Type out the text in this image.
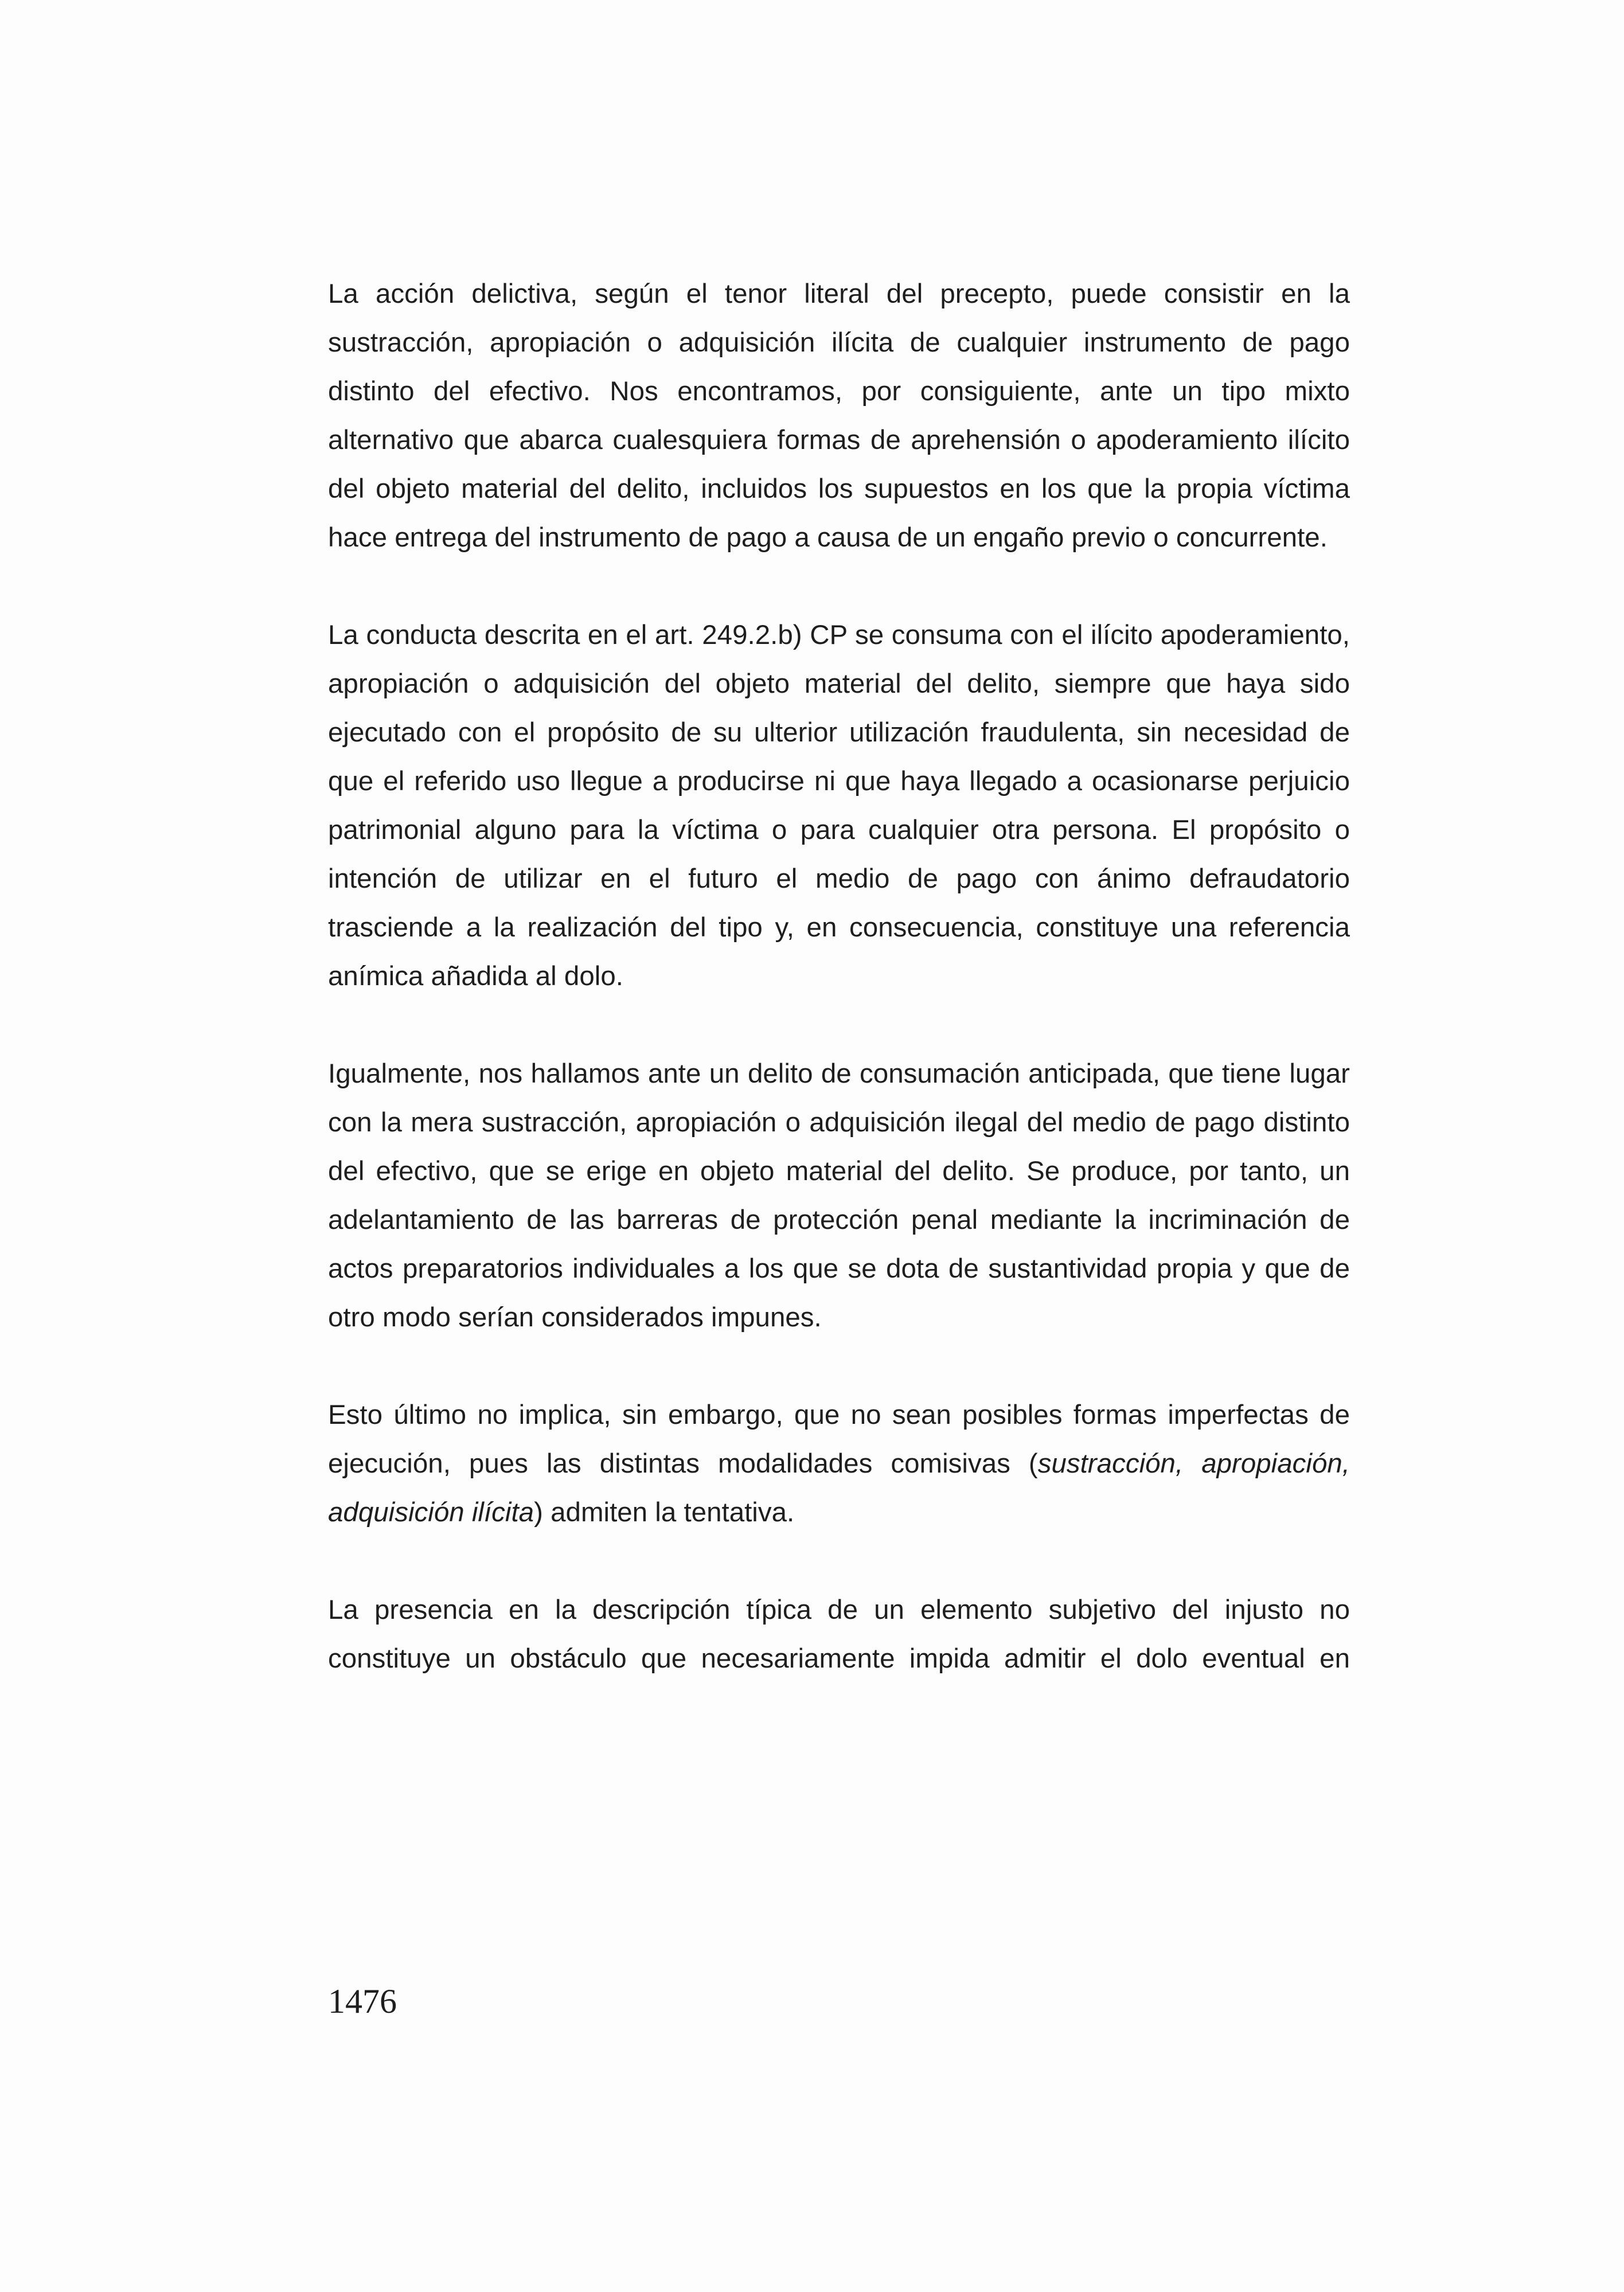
La acción delictiva, según el tenor literal del precepto, puede consistir en la sustracción, apropiación o adquisición ilícita de cualquier instrumento de pago distinto del efectivo. Nos encontramos, por consiguiente, ante un tipo mixto alternativo que abarca cualesquiera formas de aprehensión o apoderamiento ilícito del objeto material del delito, incluidos los supuestos en los que la propia víctima hace entrega del instrumento de pago a causa de un engaño previo o concurrente.

La conducta descrita en el art. 249.2.b) CP se consuma con el ilícito apoderamiento, apropiación o adquisición del objeto material del delito, siempre que haya sido ejecutado con el propósito de su ulterior utilización fraudulenta, sin necesidad de que el referido uso llegue a producirse ni que haya llegado a ocasionarse perjuicio patrimonial alguno para la víctima o para cualquier otra persona. El propósito o intención de utilizar en el futuro el medio de pago con ánimo defraudatorio trasciende a la realización del tipo y, en consecuencia, constituye una referencia anímica añadida al dolo.

Igualmente, nos hallamos ante un delito de consumación anticipada, que tiene lugar con la mera sustracción, apropiación o adquisición ilegal del medio de pago distinto del efectivo, que se erige en objeto material del delito. Se produce, por tanto, un adelantamiento de las barreras de protección penal mediante la incriminación de actos preparatorios individuales a los que se dota de sustantividad propia y que de otro modo serían considerados impunes.

Esto último no implica, sin embargo, que no sean posibles formas imperfectas de ejecución, pues las distintas modalidades comisivas (sustracción, apropiación, adquisición ilícita) admiten la tentativa.

La presencia en la descripción típica de un elemento subjetivo del injusto no constituye un obstáculo que necesariamente impida admitir el dolo eventual en

1476
